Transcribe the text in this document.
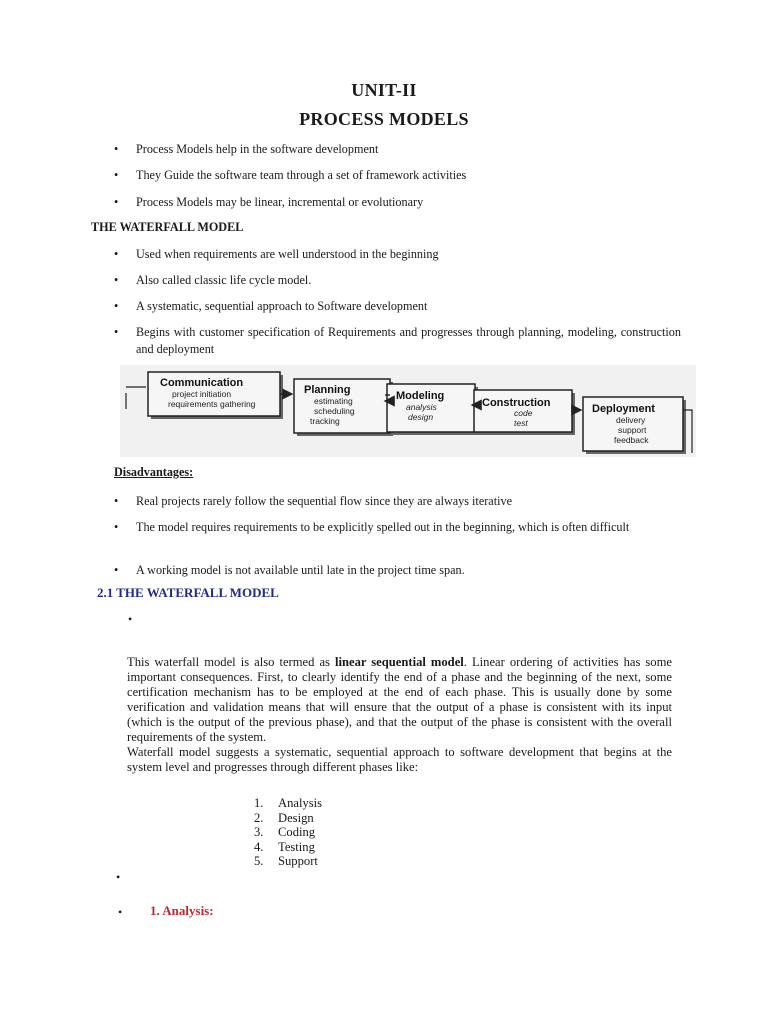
UNIT-II
PROCESS MODELS
• Process Models help in the software development
• They Guide the software team through a set of framework activities
• Process Models may be linear, incremental or evolutionary
THE WATERFALL MODEL
• Used when requirements are well understood in the beginning
• Also called classic life cycle model.
• A systematic, sequential approach to Software development
• Begins with customer specification of Requirements and progresses through planning, modeling, construction and deployment
Communication
project initiation
requirements gathering
Planning
estimating
scheduling
tracking
Modeling
analysis
design
Construction
code
test
Deployment
delivery
support
feedback
Disadvantages:
• Real projects rarely follow the sequential flow since they are always iterative
• The model requires requirements to be explicitly spelled out in the beginning, which is often difficult
• A working model is not available until late in the project time span.
2.1 THE WATERFALL MODEL
•
This waterfall model is also termed as linear sequential model. Linear ordering of activities has some important consequences. First, to clearly identify the end of a phase and the beginning of the next, some certification mechanism has to be employed at the end of each phase. This is usually done by some verification and validation means that will ensure that the output of a phase is consistent with its input (which is the output of the previous phase), and that the output of the phase is consistent with the overall requirements of the system.
Waterfall model suggests a systematic, sequential approach to software development that begins at the system level and progresses through different phases like:
1. Analysis
2. Design
3. Coding
4. Testing
5. Support
•
• 1. Analysis:
